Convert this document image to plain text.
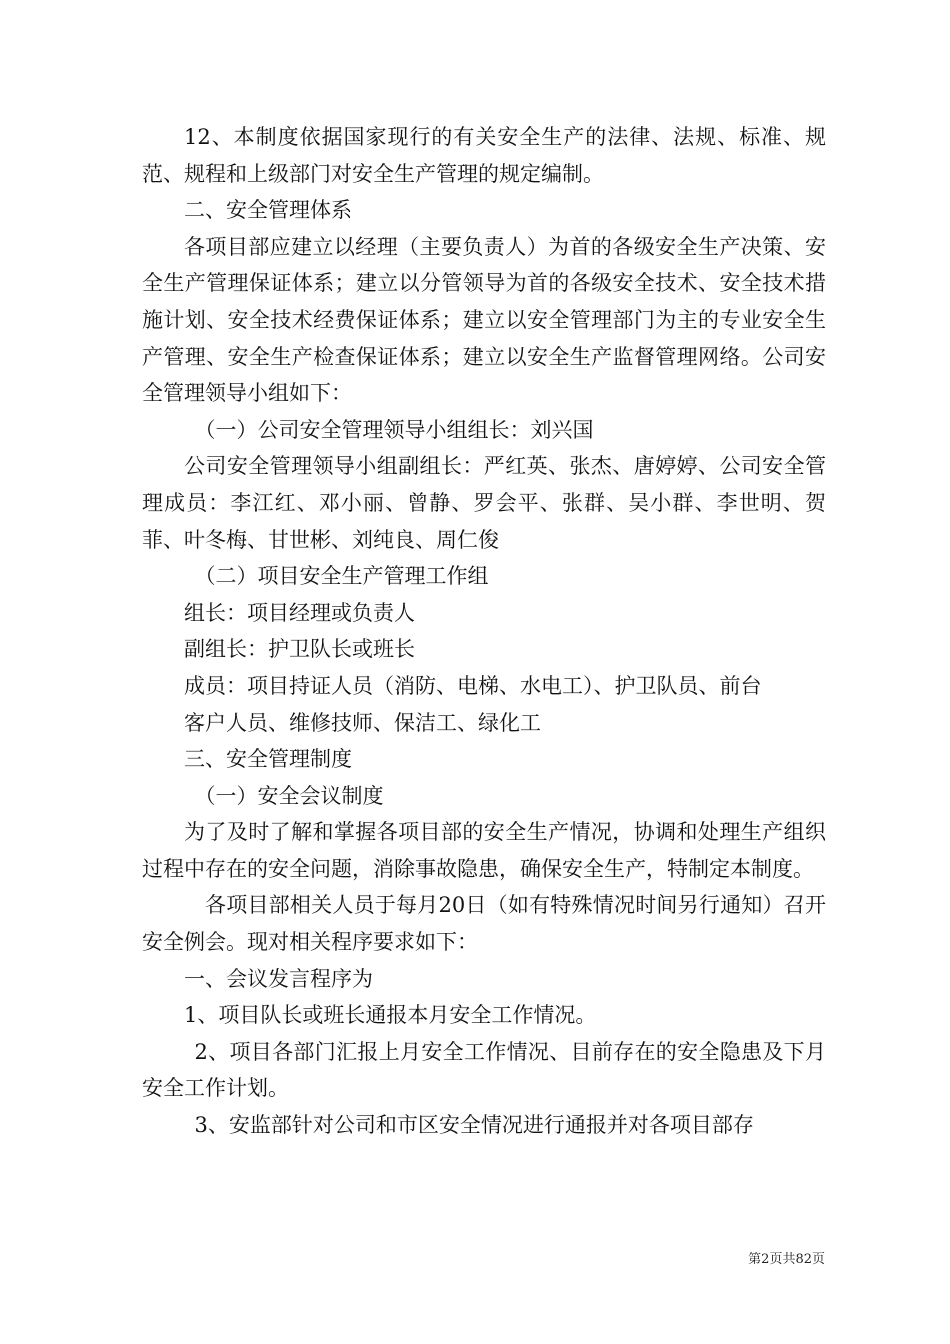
12、本制度依据国家现行的有关安全生产的法律、法规、标准、规范、规程和上级部门对安全生产管理的规定编制。

二、安全管理体系

各项目部应建立以经理（主要负责人）为首的各级安全生产决策、安全生产管理保证体系；建立以分管领导为首的各级安全技术、安全技术措施计划、安全技术经费保证体系；建立以安全管理部门为主的专业安全生产管理、安全生产检查保证体系；建立以安全生产监督管理网络。公司安全管理领导小组如下：

（一）公司安全管理领导小组组长：刘兴国

公司安全管理领导小组副组长：严红英、张杰、唐婷婷、公司安全管理成员：李江红、邓小丽、曾静、罗会平、张群、吴小群、李世明、贺菲、叶冬梅、甘世彬、刘纯良、周仁俊

（二）项目安全生产管理工作组

组长：项目经理或负责人

副组长：护卫队长或班长

成员：项目持证人员（消防、电梯、水电工）、护卫队员、前台

客户人员、维修技师、保洁工、绿化工

三、安全管理制度

（一）安全会议制度

为了及时了解和掌握各项目部的安全生产情况，协调和处理生产组织过程中存在的安全问题，消除事故隐患，确保安全生产，特制定本制度。

各项目部相关人员于每月20日（如有特殊情况时间另行通知）召开安全例会。现对相关程序要求如下：

一、会议发言程序为

1、项目队长或班长通报本月安全工作情况。

2、项目各部门汇报上月安全工作情况、目前存在的安全隐患及下月安全工作计划。

3、安监部针对公司和市区安全情况进行通报并对各项目部存

第2页共82页
